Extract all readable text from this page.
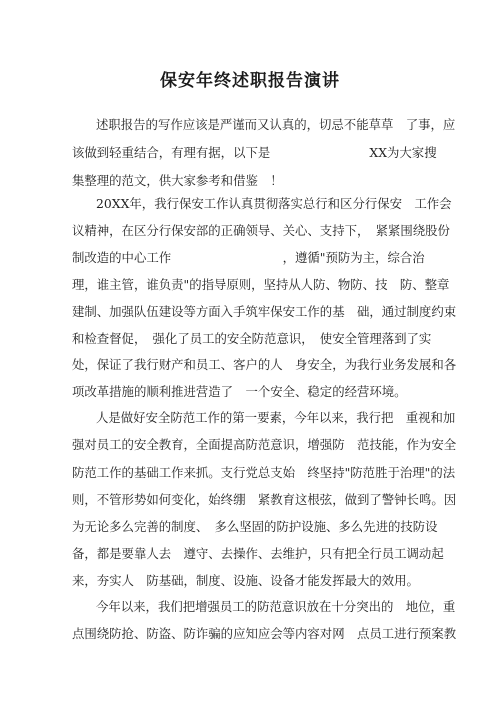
保安年终述职报告演讲
述职报告的写作应该是严谨而又认真的，切忌不能草草　了事，应
该做到轻重结合，有理有据，以下是　　　　　　　　XX为大家搜
集整理的范文，供大家参考和借鉴　！
20XX年，我行保安工作认真贯彻落实总行和区分行保安　工作会
议精神，在区分行保安部的正确领导、关心、支持下，　紧紧围绕股份
制改造的中心工作　　　　　　　　　，遵循"预防为主，综合治
理，谁主管，谁负责"的指导原则，坚持从人防、物防、技　防、整章
建制、加强队伍建设等方面入手筑牢保安工作的基　础，通过制度约束
和检查督促，　强化了员工的安全防范意识，　使安全管理落到了实
处，保证了我行财产和员工、客户的人　身安全，为我行业务发展和各
项改革措施的顺利推进营造了　一个安全、稳定的经营环境。
人是做好安全防范工作的第一要素，今年以来，我行把　重视和加
强对员工的安全教育，全面提高防范意识，增强防　范技能，作为安全
防范工作的基础工作来抓。支行党总支始　终坚持"防范胜于治理"的法
则，不管形势如何变化，始终绷　紧教育这根弦，做到了警钟长鸣。因
为无论多么完善的制度、　多么坚固的防护设施、多么先进的技防设
备，都是要靠人去　遵守、去操作、去维护，只有把全行员工调动起
来，夯实人　防基础，制度、设施、设备才能发挥最大的效用。
今年以来，我们把增强员工的防范意识放在十分突出的　地位，重
点围绕防抢、防盗、防诈骗的应知应会等内容对网　点员工进行预案教
